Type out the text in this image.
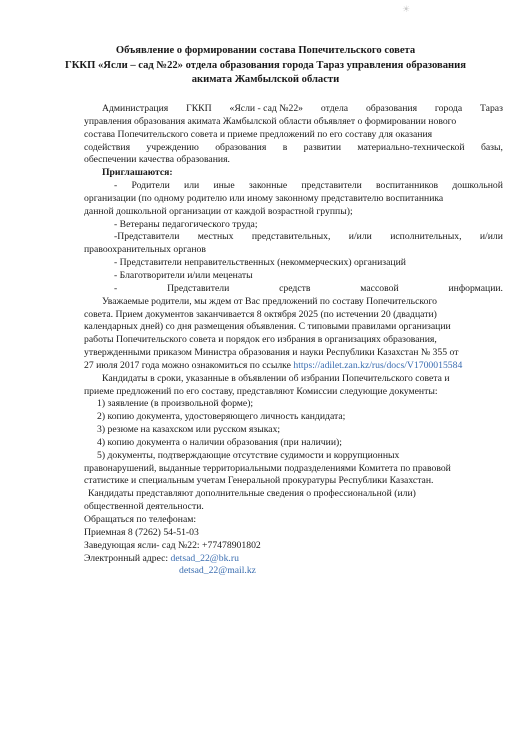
☀
Объявление о формировании состава Попечительского совета
ГККП «Ясли – сад №22» отдела образования города Тараз управления образования
акимата Жамбылской области
Администрация ГККП «Ясли - сад №22» отдела образования города Тараз
управления образования акимата Жамбылской области объявляет о формировании нового
состава Попечительского совета и приеме предложений по его составу для оказания
содействия учреждению образования в развитии материально-технической базы,
обеспечении качества образования.
Приглашаются:
- Родители или иные законные представители воспитанников дошкольной
организации (по одному родителю или иному законному представителю воспитанника
данной дошкольной организации от каждой возрастной группы);
- Ветераны педагогического труда;
-Представители местных представительных, и/или исполнительных, и/или
правоохранительных органов
- Представители неправительственных (некоммерческих) организаций
- Благотворители и/или меценаты
-	Представители	средств	массовой	информации.
Уважаемые родители, мы ждем от Вас предложений по составу Попечительского
совета. Прием документов заканчивается 8 октября 2025 (по истечении 20 (двадцати)
календарных дней) со дня размещения объявления. С типовыми правилами организации
работы Попечительского совета и порядок его избрания в организациях образования,
утвержденными приказом Министра образования и науки Республики Казахстан № 355 от
27 июля 2017 года можно ознакомиться по ссылке https://adilet.zan.kz/rus/docs/V1700015584
Кандидаты в сроки, указанные в объявлении об избрании Попечительского совета и
приеме предложений по его составу, представляют Комиссии следующие документы:
1) заявление (в произвольной форме);
2) копию документа, удостоверяющего личность кандидата;
3) резюме на казахском или русском языках;
4) копию документа о наличии образования (при наличии);
5) документы, подтверждающие отсутствие судимости и коррупционных
правонарушений, выданные территориальными подразделениями Комитета по правовой
статистике и специальным учетам Генеральной прокуратуры Республики Казахстан.
Кандидаты представляют дополнительные сведения о профессиональной (или)
общественной деятельности.
Обращаться по телефонам:
Приемная 8 (7262) 54-51-03
Заведующая ясли- сад №22: +77478901802
Электронный адрес: detsad_22@bk.ru
detsad_22@mail.kz
